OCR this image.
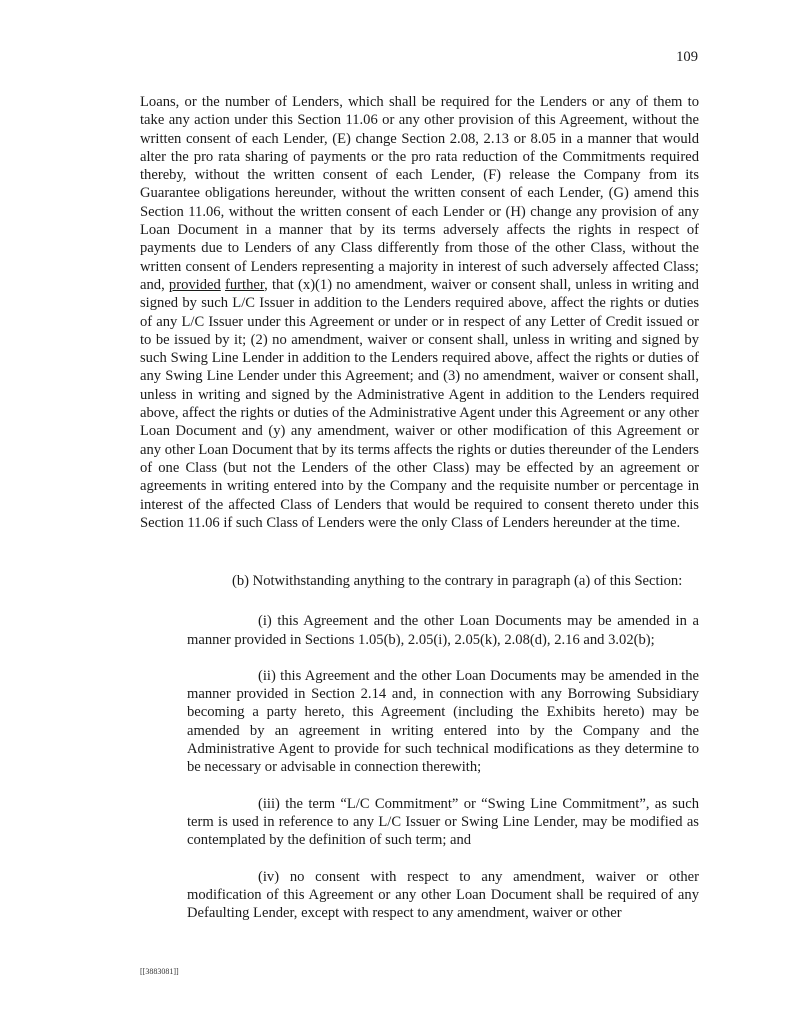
109

Loans, or the number of Lenders, which shall be required for the Lenders or any of them to take any action under this Section 11.06 or any other provision of this Agreement, without the written consent of each Lender, (E) change Section 2.08, 2.13 or 8.05 in a manner that would alter the pro rata sharing of payments or the pro rata reduction of the Commitments required thereby, without the written consent of each Lender, (F) release the Company from its Guarantee obligations hereunder, without the written consent of each Lender, (G) amend this Section 11.06, without the written consent of each Lender or (H) change any provision of any Loan Document in a manner that by its terms adversely affects the rights in respect of payments due to Lenders of any Class differently from those of the other Class, without the written consent of Lenders representing a majority in interest of such adversely affected Class; and, provided further, that (x)(1) no amendment, waiver or consent shall, unless in writing and signed by such L/C Issuer in addition to the Lenders required above, affect the rights or duties of any L/C Issuer under this Agreement or under or in respect of any Letter of Credit issued or to be issued by it; (2) no amendment, waiver or consent shall, unless in writing and signed by such Swing Line Lender in addition to the Lenders required above, affect the rights or duties of any Swing Line Lender under this Agreement; and (3) no amendment, waiver or consent shall, unless in writing and signed by the Administrative Agent in addition to the Lenders required above, affect the rights or duties of the Administrative Agent under this Agreement or any other Loan Document and (y) any amendment, waiver or other modification of this Agreement or any other Loan Document that by its terms affects the rights or duties thereunder of the Lenders of one Class (but not the Lenders of the other Class) may be effected by an agreement or agreements in writing entered into by the Company and the requisite number or percentage in interest of the affected Class of Lenders that would be required to consent thereto under this Section 11.06 if such Class of Lenders were the only Class of Lenders hereunder at the time.

(b) Notwithstanding anything to the contrary in paragraph (a) of this Section:

(i) this Agreement and the other Loan Documents may be amended in a manner provided in Sections 1.05(b), 2.05(i), 2.05(k), 2.08(d), 2.16 and 3.02(b);

(ii) this Agreement and the other Loan Documents may be amended in the manner provided in Section 2.14 and, in connection with any Borrowing Subsidiary becoming a party hereto, this Agreement (including the Exhibits hereto) may be amended by an agreement in writing entered into by the Company and the Administrative Agent to provide for such technical modifications as they determine to be necessary or advisable in connection therewith;

(iii) the term “L/C Commitment” or “Swing Line Commitment”, as such term is used in reference to any L/C Issuer or Swing Line Lender, may be modified as contemplated by the definition of such term; and

(iv) no consent with respect to any amendment, waiver or other modification of this Agreement or any other Loan Document shall be required of any Defaulting Lender, except with respect to any amendment, waiver or other

[[3883081]]
